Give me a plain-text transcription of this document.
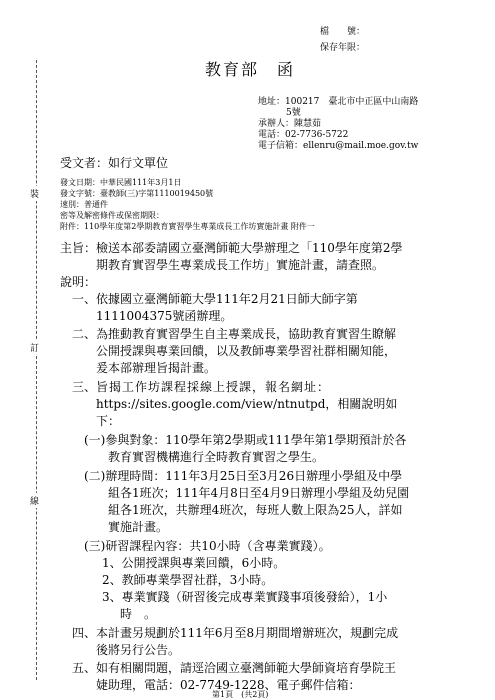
裝
訂
線
檔　　號：
保存年限：
教育部　函
地址：100217　臺北市中正區中山南路
5號
承辦人：陳慧茹
電話：02-7736-5722
電子信箱：ellenru@mail.moe.gov.tw
受文者：如行文單位
發文日期：中華民國111年3月1日
發文字號：臺教師(三)字第1110019450號
速別：普通件
密等及解密條件或保密期限：
附件：110學年度第2學期教育實習學生專業成長工作坊實施計畫 附件一
主旨： 檢送本部委請國立臺灣師範大學辦理之「110學年度第2學
期教育實習學生專業成長工作坊」實施計畫，請查照。
說明：
一、 依據國立臺灣師範大學111年2月21日師大師字第
1111004375號函辦理。
二、 為推動教育實習學生自主專業成長，協助教育實習生瞭解
公開授課與專業回饋，以及教師專業學習社群相關知能，
爰本部辦理旨揭計畫。
三、 旨揭工作坊課程採線上授課，報名網址：
https://sites.google.com/view/ntnutpd，相關說明如
下：
(一)參與對象：110學年第2學期或111學年第1學期預計於各
教育實習機構進行全時教育實習之學生。
(二)辦理時間：111年3月25日至3月26日辦理小學組及中學
組各1班次；111年4月8日至4月9日辦理小學組及幼兒園
組各1班次，共辦理4班次，每班人數上限為25人，詳如
實施計畫。
(三)研習課程內容：共10小時（含專業實踐）。
1、公開授課與專業回饋，6小時。
2、教師專業學習社群，3小時。
3、專業實踐（研習後完成專業實踐事項後發給），1小
時　。
四、 本計畫另規劃於111年6月至8月期間增辦班次，規劃完成
後將另行公告。
五、 如有相關問題，請逕洽國立臺灣師範大學師資培育學院王
婕助理，電話：02-7749-1228、電子郵件信箱：
第1頁　(共2頁)
